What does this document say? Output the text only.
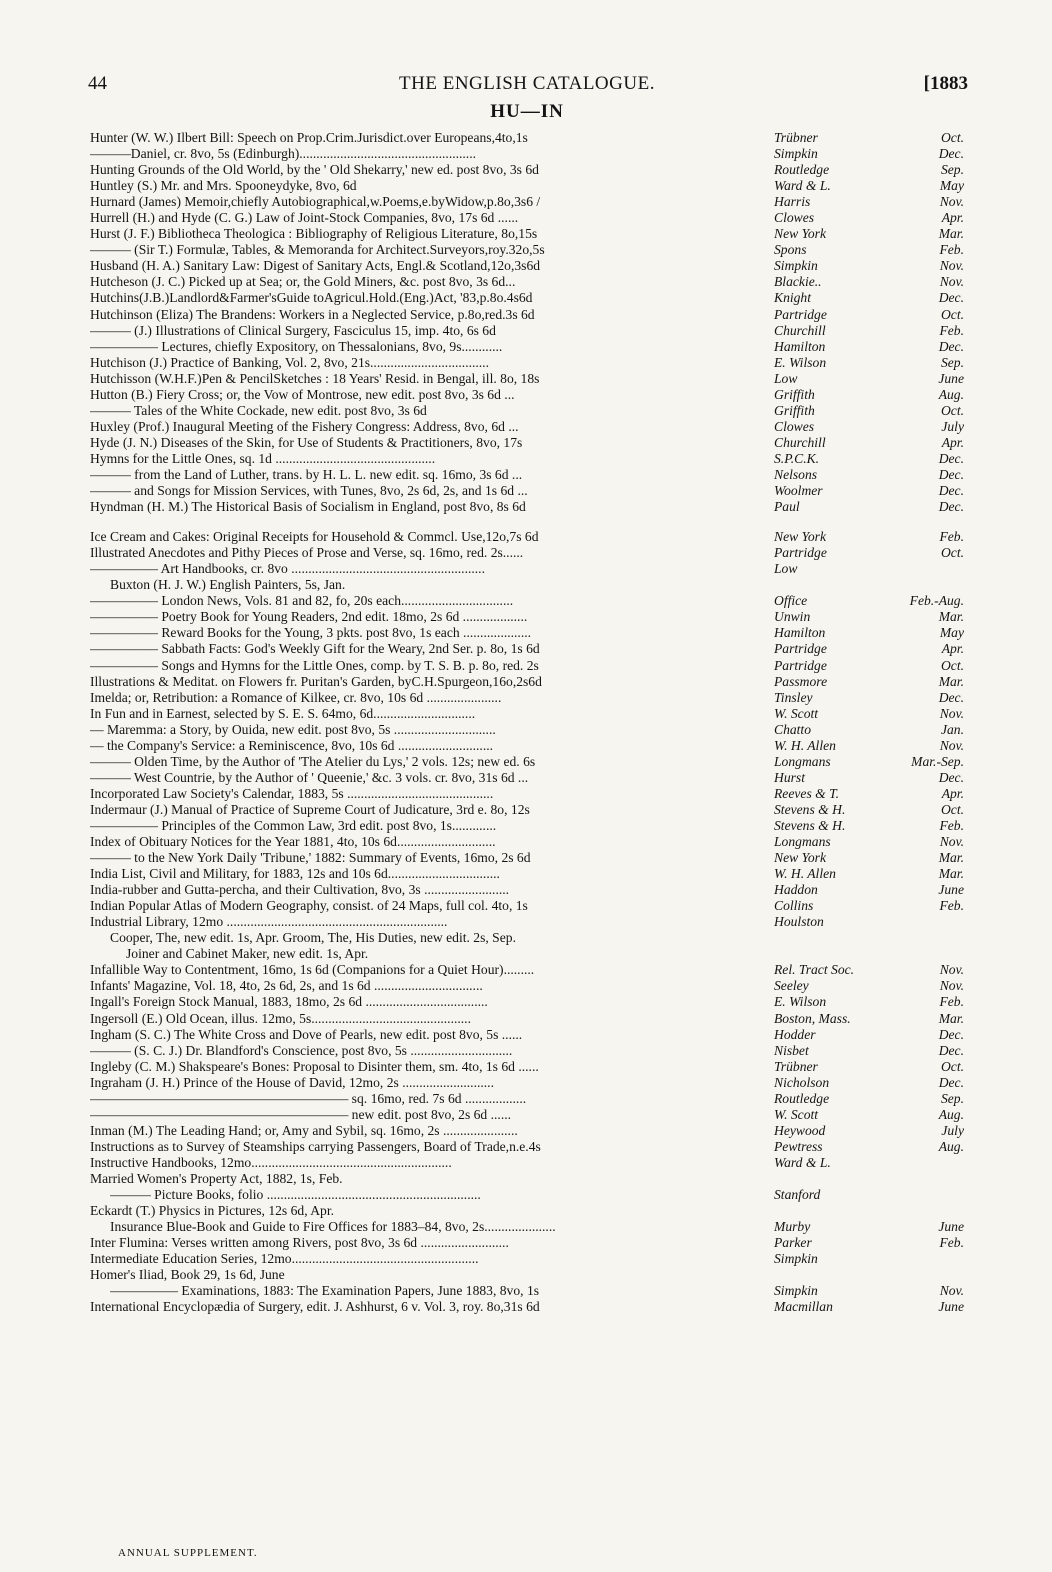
44	THE ENGLISH CATALOGUE.	[1883
HU—IN
Hunter (W. W.) Ilbert Bill: Speech on Prop.Crim.Jurisdict.over Europeans,4to,1s	Trübner	Oct.
———Daniel, cr. 8vo, 5s (Edinburgh)....................................................	Simpkin	Dec.
Hunting Grounds of the Old World, by the ' Old Shekarry,' new ed. post 8vo, 3s 6d	Routledge	Sep.
Huntley (S.) Mr. and Mrs. Spooneydyke, 8vo, 6d	Ward & L.	May
Hurnard (James) Memoir,chiefly Autobiographical,w.Poems,e.byWidow,p.8o,3s6 /	Harris	Nov.
Hurrell (H.) and Hyde (C. G.) Law of Joint-Stock Companies, 8vo, 17s 6d ......	Clowes	Apr.
Hurst (J. F.) Bibliotheca Theologica : Bibliography of Religious Literature, 8o,15s	New York	Mar.
——— (Sir T.) Formulæ, Tables, & Memoranda for Architect.Surveyors,roy.32o,5s	Spons	Feb.
Husband (H. A.) Sanitary Law: Digest of Sanitary Acts, Engl.& Scotland,12o,3s6d	Simpkin	Nov.
Hutcheson (J. C.) Picked up at Sea; or, the Gold Miners, &c. post 8vo, 3s 6d...	Blackie..	Nov.
Hutchins(J.B.)Landlord&Farmer'sGuide toAgricul.Hold.(Eng.)Act, '83,p.8o.4s6d	Knight	Dec.
Hutchinson (Eliza) The Brandens: Workers in a Neglected Service, p.8o,red.3s 6d	Partridge	Oct.
——— (J.) Illustrations of Clinical Surgery, Fasciculus 15, imp. 4to, 6s 6d	Churchill	Feb.
————— Lectures, chiefly Expository, on Thessalonians, 8vo, 9s............	Hamilton	Dec.
Hutchison (J.) Practice of Banking, Vol. 2, 8vo, 21s...................................	E. Wilson	Sep.
Hutchisson (W.H.F.)Pen & PencilSketches : 18 Years' Resid. in Bengal, ill. 8o, 18s	Low	June
Hutton (B.) Fiery Cross; or, the Vow of Montrose, new edit. post 8vo, 3s 6d ...	Griffith	Aug.
——— Tales of the White Cockade, new edit. post 8vo, 3s 6d	Griffith	Oct.
Huxley (Prof.) Inaugural Meeting of the Fishery Congress: Address, 8vo, 6d ...	Clowes	July
Hyde (J. N.) Diseases of the Skin, for Use of Students & Practitioners, 8vo, 17s	Churchill	Apr.
Hymns for the Little Ones, sq. 1d ...............................................	S.P.C.K.	Dec.
——— from the Land of Luther, trans. by H. L. L. new edit. sq. 16mo, 3s 6d ...	Nelsons	Dec.
——— and Songs for Mission Services, with Tunes, 8vo, 2s 6d, 2s, and 1s 6d ...	Woolmer	Dec.
Hyndman (H. M.) The Historical Basis of Socialism in England, post 8vo, 8s 6d	Paul	Dec.
Ice Cream and Cakes: Original Receipts for Household & Commcl. Use,12o,7s 6d	New York	Feb.
Illustrated Anecdotes and Pithy Pieces of Prose and Verse, sq. 16mo, red. 2s......	Partridge	Oct.
————— Art Handbooks, cr. 8vo .........................................................	Low
Buxton (H. J. W.) English Painters, 5s, Jan.
————— London News, Vols. 81 and 82, fo, 20s each.................................	Office	Feb.-Aug.
————— Poetry Book for Young Readers, 2nd edit. 18mo, 2s 6d ...................	Unwin	Mar.
————— Reward Books for the Young, 3 pkts. post 8vo, 1s each ....................	Hamilton	May
————— Sabbath Facts: God's Weekly Gift for the Weary, 2nd Ser. p. 8o, 1s 6d	Partridge	Apr.
————— Songs and Hymns for the Little Ones, comp. by T. S. B. p. 8o, red. 2s	Partridge	Oct.
Illustrations & Meditat. on Flowers fr. Puritan's Garden, byC.H.Spurgeon,16o,2s6d	Passmore	Mar.
Imelda; or, Retribution: a Romance of Kilkee, cr. 8vo, 10s 6d ......................	Tinsley	Dec.
In Fun and in Earnest, selected by S. E. S. 64mo, 6d..............................	W. Scott	Nov.
— Maremma: a Story, by Ouida, new edit. post 8vo, 5s ..............................	Chatto	Jan.
— the Company's Service: a Reminiscence, 8vo, 10s 6d ............................	W. H. Allen	Nov.
——— Olden Time, by the Author of 'The Atelier du Lys,' 2 vols. 12s; new ed. 6s	Longmans	Mar.-Sep.
——— West Countrie, by the Author of ' Queenie,' &c. 3 vols. cr. 8vo, 31s 6d ...	Hurst	Dec.
Incorporated Law Society's Calendar, 1883, 5s ...........................................	Reeves & T.	Apr.
Indermaur (J.) Manual of Practice of Supreme Court of Judicature, 3rd e. 8o, 12s	Stevens & H.	Oct.
————— Principles of the Common Law, 3rd edit. post 8vo, 1s.............	Stevens & H.	Feb.
Index of Obituary Notices for the Year 1881, 4to, 10s 6d.............................	Longmans	Nov.
——— to the New York Daily 'Tribune,' 1882: Summary of Events, 16mo, 2s 6d	New York	Mar.
India List, Civil and Military, for 1883, 12s and 10s 6d.................................	W. H. Allen	Mar.
India-rubber and Gutta-percha, and their Cultivation, 8vo, 3s .........................	Haddon	June
Indian Popular Atlas of Modern Geography, consist. of 24 Maps, full col. 4to, 1s	Collins	Feb.
Industrial Library, 12mo .................................................................	Houlston
Cooper, The, new edit. 1s, Apr. Groom, The, His Duties, new edit. 2s, Sep.
Joiner and Cabinet Maker, new edit. 1s, Apr.
Infallible Way to Contentment, 16mo, 1s 6d (Companions for a Quiet Hour).........	Rel. Tract Soc.	Nov.
Infants' Magazine, Vol. 18, 4to, 2s 6d, 2s, and 1s 6d ................................	Seeley	Nov.
Ingall's Foreign Stock Manual, 1883, 18mo, 2s 6d ....................................	E. Wilson	Feb.
Ingersoll (E.) Old Ocean, illus. 12mo, 5s...............................................	Boston, Mass.	Mar.
Ingham (S. C.) The White Cross and Dove of Pearls, new edit. post 8vo, 5s ......	Hodder	Dec.
——— (S. C. J.) Dr. Blandford's Conscience, post 8vo, 5s ..............................	Nisbet	Dec.
Ingleby (C. M.) Shakspeare's Bones: Proposal to Disinter them, sm. 4to, 1s 6d ......	Trübner	Oct.
Ingraham (J. H.) Prince of the House of David, 12mo, 2s ...........................	Nicholson	Dec.
——————————————————— sq. 16mo, red. 7s 6d ..................	Routledge	Sep.
——————————————————— new edit. post 8vo, 2s 6d ......	W. Scott	Aug.
Inman (M.) The Leading Hand; or, Amy and Sybil, sq. 16mo, 2s ......................	Heywood	July
Instructions as to Survey of Steamships carrying Passengers, Board of Trade,n.e.4s	Pewtress	Aug.
Instructive Handbooks, 12mo...........................................................	Ward & L.
Married Women's Property Act, 1882, 1s, Feb.
——— Picture Books, folio ...............................................................	Stanford
Eckardt (T.) Physics in Pictures, 12s 6d, Apr.
Insurance Blue-Book and Guide to Fire Offices for 1883–84, 8vo, 2s.....................	Murby	June
Inter Flumina: Verses written among Rivers, post 8vo, 3s 6d ..........................	Parker	Feb.
Intermediate Education Series, 12mo.......................................................	Simpkin
Homer's Iliad, Book 29, 1s 6d, June
————— Examinations, 1883: The Examination Papers, June 1883, 8vo, 1s	Simpkin	Nov.
International Encyclopædia of Surgery, edit. J. Ashhurst, 6 v. Vol. 3, roy. 8o,31s 6d	Macmillan	June
ANNUAL SUPPLEMENT.
